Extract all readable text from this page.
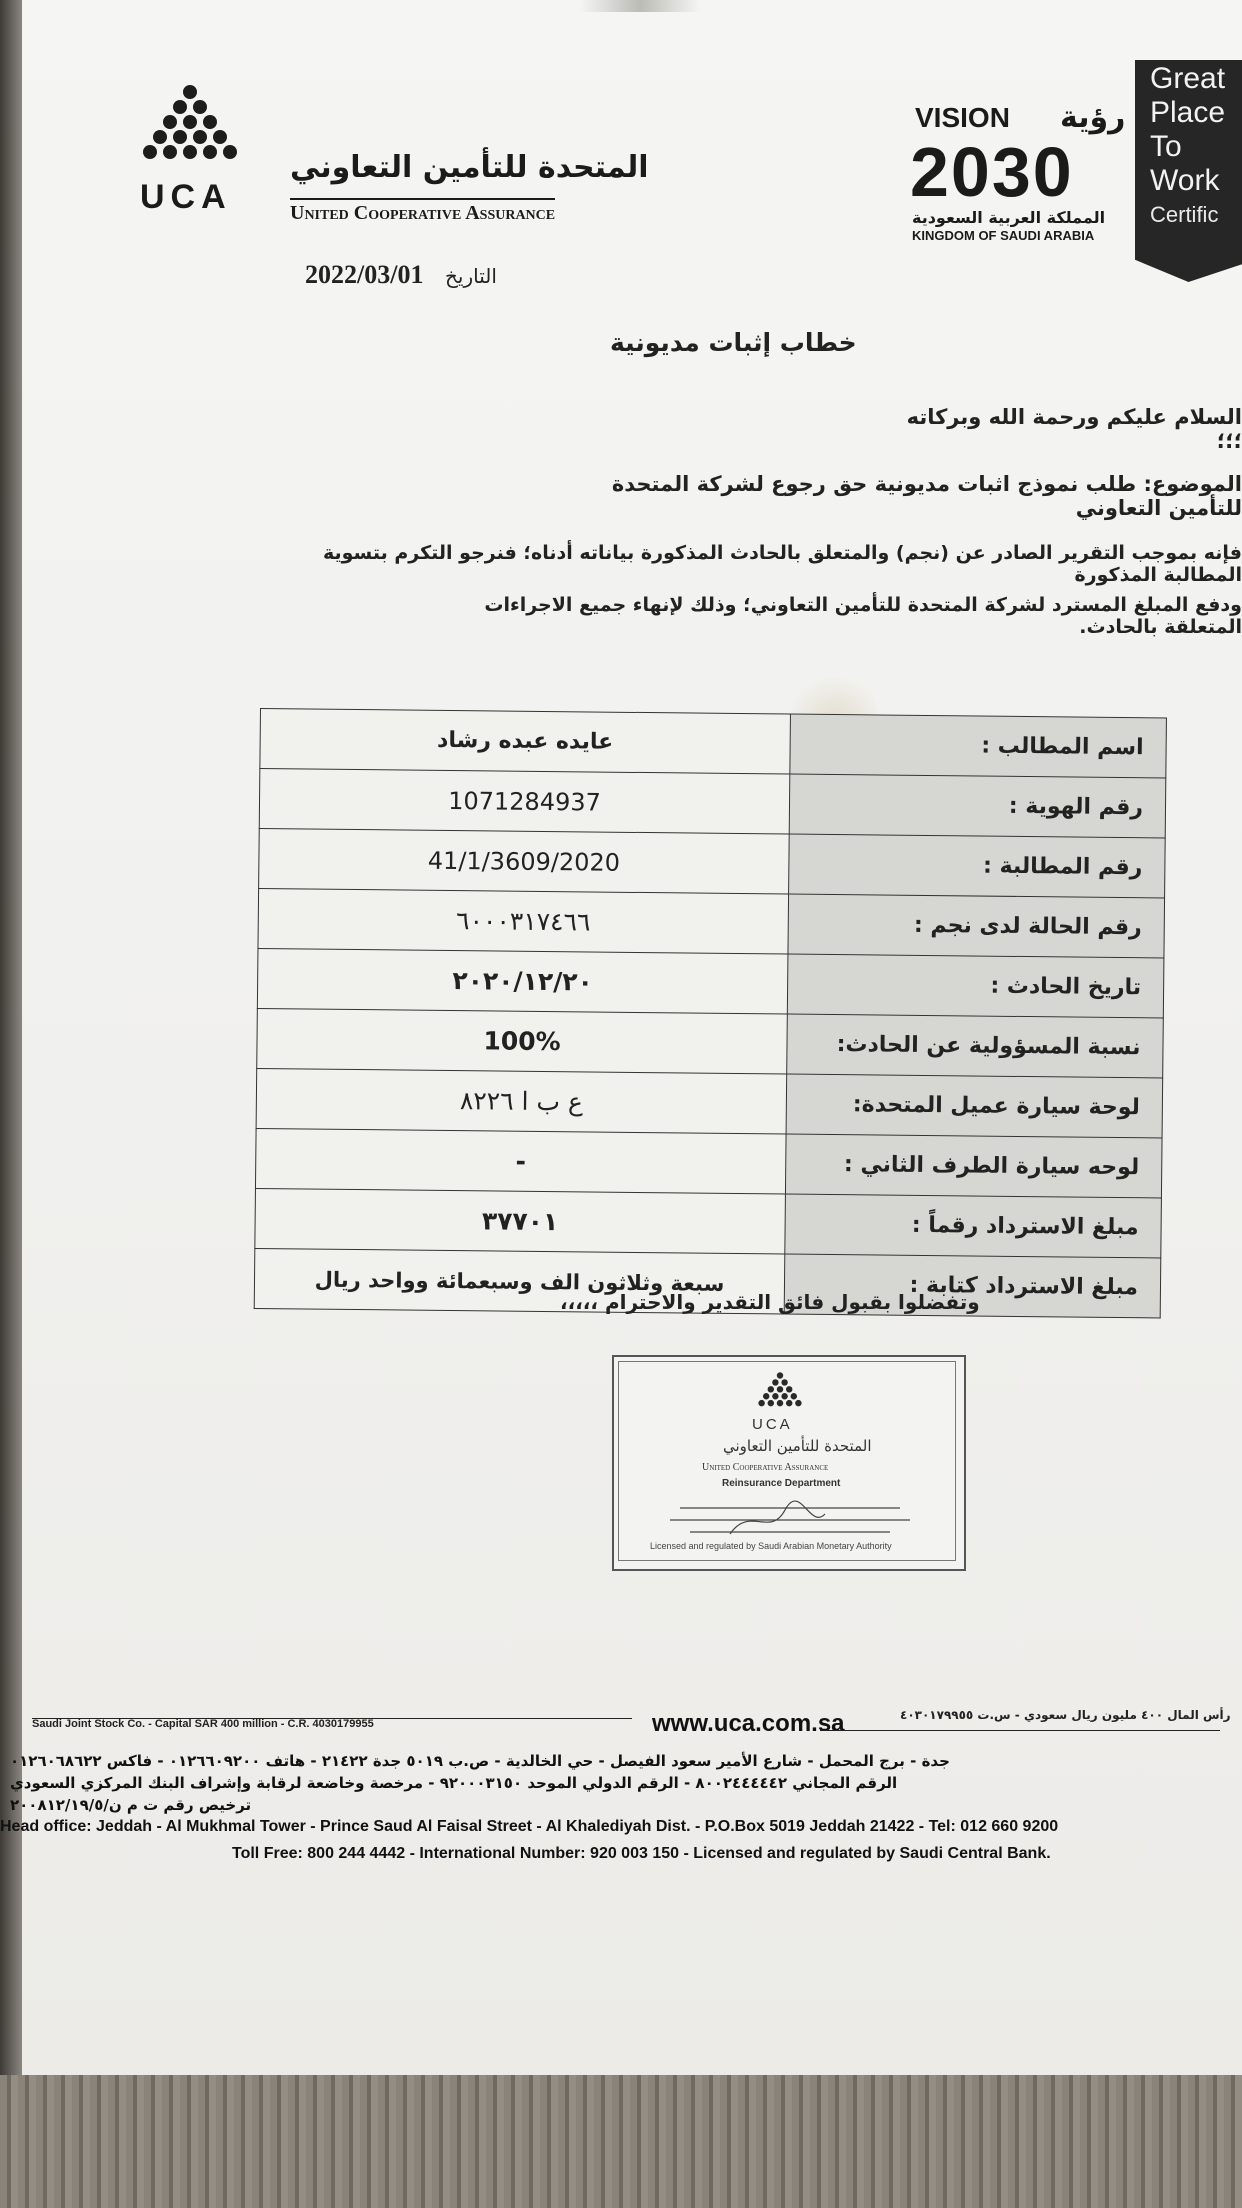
UCA
المتحدة للتأمين التعاوني
United Cooperative Assurance
VISION رؤية
2030
المملكة العربية السعودية
KINGDOM OF SAUDI ARABIA
Great Place To Work
Certific
2022/03/01 التاريخ
خطاب إثبات مديونية
السلام عليكم ورحمة الله وبركاته ؛؛؛
الموضوع: طلب نموذج اثبات مديونية حق رجوع لشركة المتحدة للتأمين التعاوني
فإنه بموجب التقرير الصادر عن (نجم) والمتعلق بالحادث المذكورة بياناته أدناه؛ فنرجو التكرم بتسوية المطالبة المذكورة
ودفع المبلغ المسترد لشركة المتحدة للتأمين التعاوني؛ وذلك لإنهاء جميع الاجراءات المتعلقة بالحادث.
عايده عبده رشاد	اسم المطالب :
1071284937	رقم الهوية :
41/1/3609/2020	رقم المطالبة :
٦٠٠٠٣١٧٤٦٦	رقم الحالة لدى نجم :
٢٠٢٠/١٢/٢٠	تاريخ الحادث :
100%	نسبة المسؤولية عن الحادث:
ع ب ا ٨٢٢٦	لوحة سيارة عميل المتحدة:
-	لوحه سيارة الطرف الثاني :
٣٧٧٠١	مبلغ الاسترداد رقماً :
سبعة وثلاثون الف وسبعمائة وواحد ريال	مبلغ الاسترداد كتابة :
وتفضلوا بقبول فائق التقدير والاحترام ،،،،،
UCA
المتحدة للتأمين التعاوني
United Cooperative Assurance
Reinsurance Department
Licensed and regulated by Saudi Arabian Monetary Authority
Saudi Joint Stock Co. - Capital SAR 400 million - C.R. 4030179955	www.uca.com.sa	رأس المال ٤٠٠ مليون ريال سعودي - س.ت ٤٠٣٠١٧٩٩٥٥
جدة - برج المحمل - شارع الأمير سعود الفيصل - حي الخالدية - ص.ب ٥٠١٩ جدة ٢١٤٢٢ - هاتف ٠١٢٦٦٠٩٢٠٠ - فاكس ٠١٢٦٠٦٨٦٢٢
الرقم المجاني ٨٠٠٢٤٤٤٤٤٢ - الرقم الدولي الموحد ٩٢٠٠٠٣١٥٠ - مرخصة وخاضعة لرقابة وإشراف البنك المركزي السعودي
ترخيص رقم ت م ن/٢٠٠٨١٢/١٩/٥
Head office: Jeddah - Al Mukhmal Tower - Prince Saud Al Faisal Street - Al Khalediyah Dist. - P.O.Box 5019 Jeddah 21422 - Tel: 012 660 9200
Toll Free: 800 244 4442 - International Number: 920 003 150 - Licensed and regulated by Saudi Central Bank.
